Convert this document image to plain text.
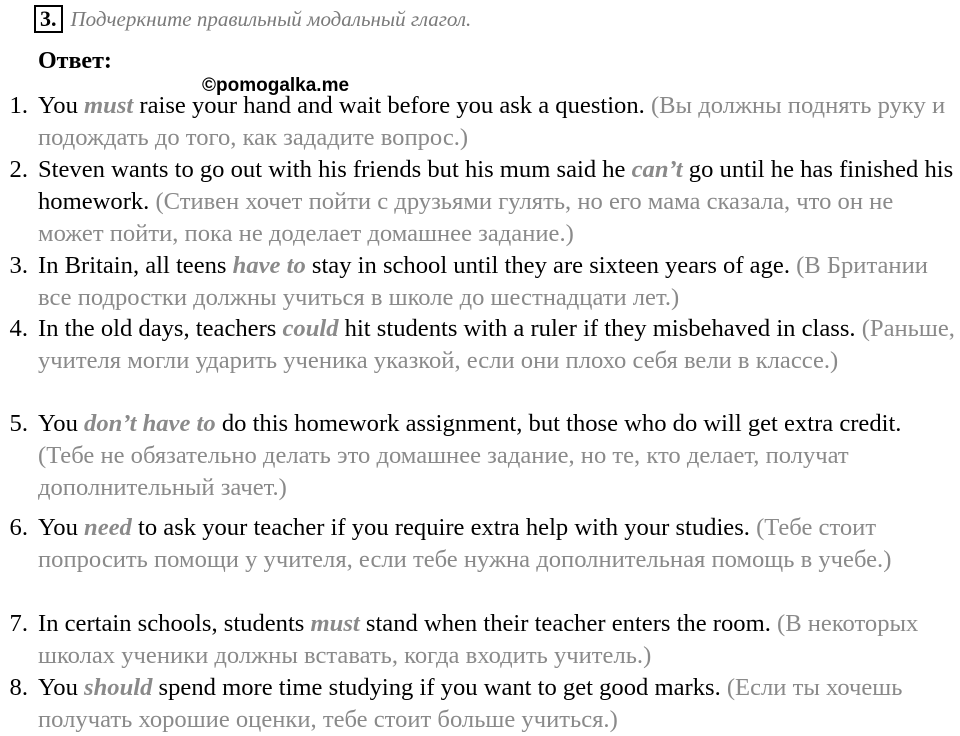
3. Подчеркните правильный модальный глагол.
Ответ:
1. You must raise your hand and wait before you ask a question. (Вы должны поднять руку и подождать до того, как зададите вопрос.)
2. Steven wants to go out with his friends but his mum said he can’t go until he has finished his homework. (Стивен хочет пойти с друзьями гулять, но его мама сказала, что он не может пойти, пока не доделает домашнее задание.)
3. In Britain, all teens have to stay in school until they are sixteen years of age. (В Британии все подростки должны учиться в школе до шестнадцати лет.)
4. In the old days, teachers could hit students with a ruler if they misbehaved in class. (Раньше, учителя могли ударить ученика указкой, если они плохо себя вели в классе.)
5. You don’t have to do this homework assignment, but those who do will get extra credit. (Тебе не обязательно делать это домашнее задание, но те, кто делает, получат дополнительный зачет.)
6. You need to ask your teacher if you require extra help with your studies. (Тебе стоит попросить помощи у учителя, если тебе нужна дополнительная помощь в учебе.)
7. In certain schools, students must stand when their teacher enters the room. (В некоторых школах ученики должны вставать, когда входить учитель.)
8. You should spend more time studying if you want to get good marks. (Если ты хочешь получать хорошие оценки, тебе стоит больше учиться.)
©pomogalka.me
